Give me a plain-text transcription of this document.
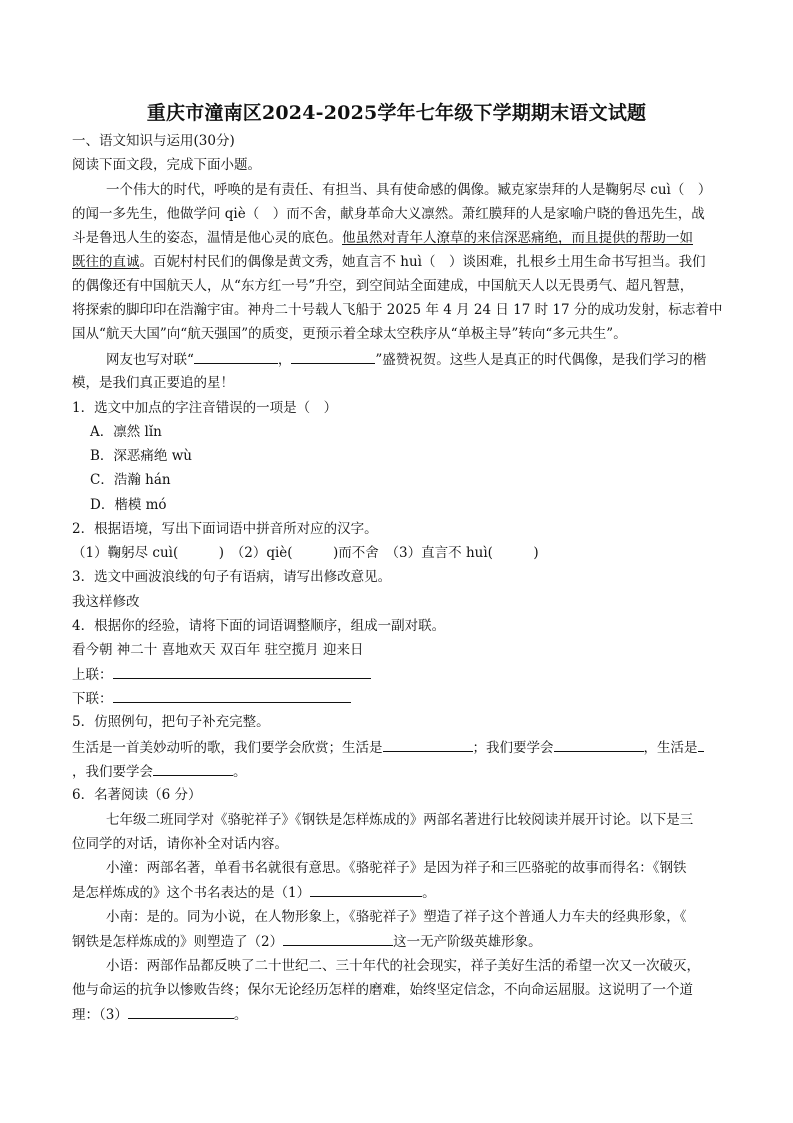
重庆市潼南区2024-2025学年七年级下学期期末语文试题
一、语文知识与运用(30分)
阅读下面文段，完成下面小题。
一个伟大的时代，呼唤的是有责任、有担当、具有使命感的偶像。臧克家崇拜的人是鞠躬尽 cuì（　）
的闻一多先生，他做学问 qiè（　）而不舍，献身革命大义凛然。萧红膜拜的人是家喻户晓的鲁迅先生，战
斗是鲁迅人生的姿态，温情是他心灵的底色。他虽然对青年人潦草的来信深恶痛绝，而且提供的帮助一如
既往的直诚。百妮村村民们的偶像是黄文秀，她直言不 huì（　）谈困难，扎根乡土用生命书写担当。我们
的偶像还有中国航天人，从“东方红一号”升空，到空间站全面建成，中国航天人以无畏勇气、超凡智慧，
将探索的脚印印在浩瀚宇宙。神舟二十号载人飞船于 2025 年 4 月 24 日 17 时 17 分的成功发射，标志着中
国从“航天大国”向“航天强国”的质变，更预示着全球太空秩序从“单极主导”转向“多元共生”。
网友也写对联“	，	”盛赞祝贺。这些人是真正的时代偶像，是我们学习的楷
模，是我们真正要追的星！
1．选文中加点的字注音错误的一项是（　）
A．凛然 lǐn
B．深恶痛绝 wù
C．浩瀚 hán
D．楷模 mó
2．根据语境，写出下面词语中拼音所对应的汉字。
（1）鞠躬尽 cuì(　　　)　（2）qiè(　　　)而不舍　（3）直言不 huì(　　　)
3．选文中画波浪线的句子有语病，请写出修改意见。
我这样修改
4．根据你的经验，请将下面的词语调整顺序，组成一副对联。
看今朝 神二十 喜地欢天 双百年 驻空揽月 迎来日
上联：
下联：
5．仿照例句，把句子补充完整。
生活是一首美妙动听的歌，我们要学会欣赏；生活是	；我们要学会	，生活是
，我们要学会	。
6．名著阅读（6 分）
七年级二班同学对《骆驼祥子》《钢铁是怎样炼成的》两部名著进行比较阅读并展开讨论。以下是三
位同学的对话，请你补全对话内容。
小潼：两部名著，单看书名就很有意思。《骆驼祥子》是因为祥子和三匹骆驼的故事而得名：《钢铁
是怎样炼成的》这个书名表达的是（1）	。
小南：是的。同为小说，在人物形象上，《骆驼祥子》塑造了祥子这个普通人力车夫的经典形象，《
钢铁是怎样炼成的》则塑造了（2）	这一无产阶级英雄形象。
小语：两部作品都反映了二十世纪二、三十年代的社会现实，祥子美好生活的希望一次又一次破灭，
他与命运的抗争以惨败告终；保尔无论经历怎样的磨难，始终坚定信念，不向命运屈服。这说明了一个道
理：（3）	。
